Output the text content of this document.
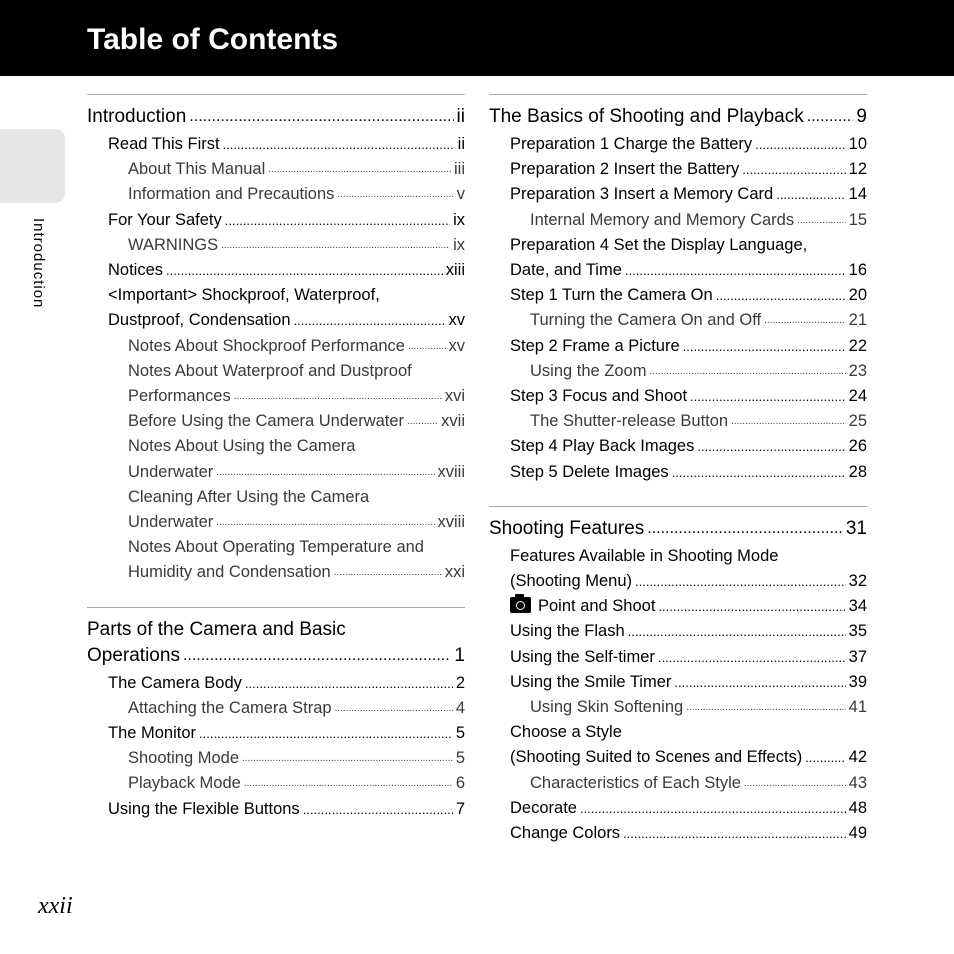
Table of Contents
Introduction
Introduction .....	ii
Read This First .....	ii
About This Manual .....	iii
Information and Precautions .....	v
For Your Safety .....	ix
WARNINGS .....	ix
Notices .....	xiii
<Important> Shockproof, Waterproof,
Dustproof, Condensation .....	xv
Notes About Shockproof Performance .....	xv
Notes About Waterproof and Dustproof
Performances .....	xvi
Before Using the Camera Underwater ..... xvii
Notes About Using the Camera
Underwater .....	xviii
Cleaning After Using the Camera
Underwater .....	xviii
Notes About Operating Temperature and
Humidity and Condensation .....	xxi
Parts of the Camera and Basic
Operations .....	1
The Camera Body .....	2
Attaching the Camera Strap .....	4
The Monitor .....	5
Shooting Mode .....	5
Playback Mode .....	6
Using the Flexible Buttons .....	7
The Basics of Shooting and Playback .....	9
Preparation 1 Charge the Battery .....	10
Preparation 2 Insert the Battery .....	12
Preparation 3 Insert a Memory Card .....	14
Internal Memory and Memory Cards .....	15
Preparation 4 Set the Display Language,
Date, and Time .....	16
Step 1 Turn the Camera On .....	20
Turning the Camera On and Off .....	21
Step 2 Frame a Picture .....	22
Using the Zoom .....	23
Step 3 Focus and Shoot .....	24
The Shutter-release Button .....	25
Step 4 Play Back Images .....	26
Step 5 Delete Images .....	28
Shooting Features .....	31
Features Available in Shooting Mode
(Shooting Menu) .....	32
Point and Shoot .....	34
Using the Flash .....	35
Using the Self-timer .....	37
Using the Smile Timer .....	39
Using Skin Softening .....	41
Choose a Style
(Shooting Suited to Scenes and Effects) .....	42
Characteristics of Each Style .....	43
Decorate .....	48
Change Colors .....	49
xxii
